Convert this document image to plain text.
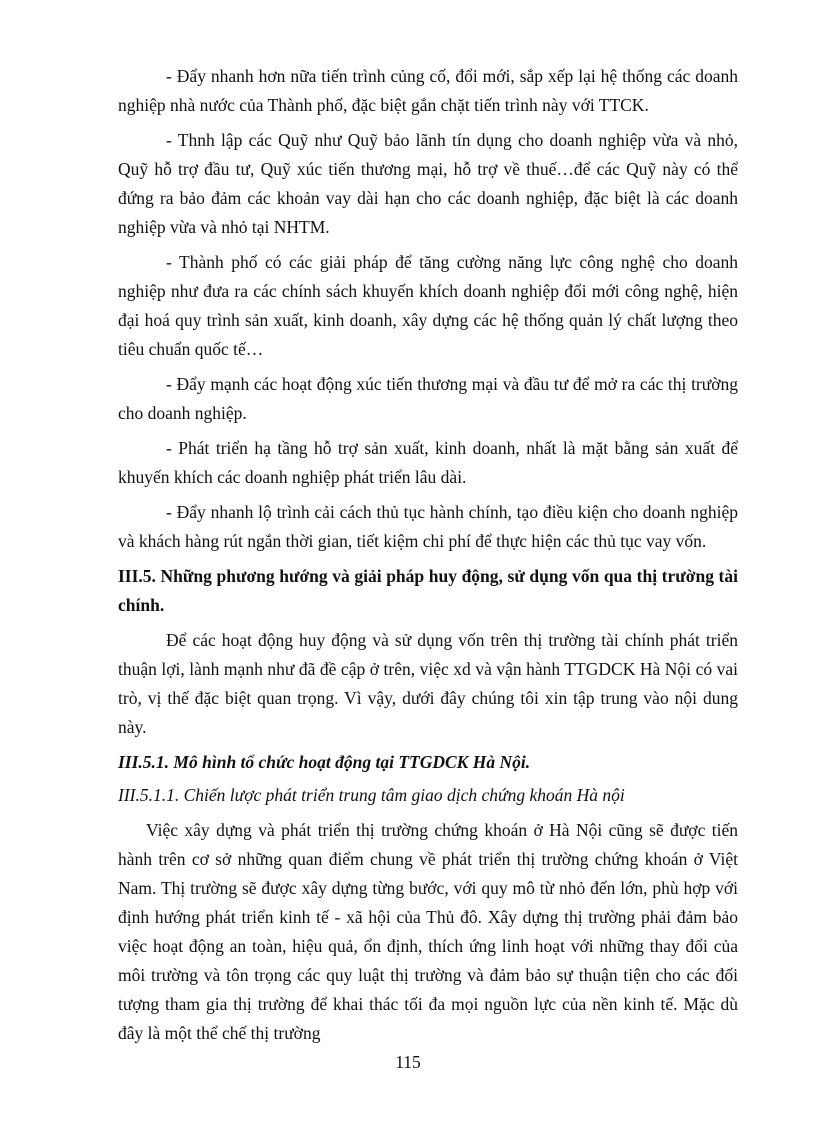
- Đẩy nhanh hơn nữa tiến trình củng cố, đổi mới, sắp xếp lại hệ thống các doanh nghiệp nhà nước của Thành phố, đặc biệt gắn chặt tiến trình này với TTCK.

- Thnh lập các Quỹ như Quỹ bảo lãnh tín dụng cho doanh nghiệp vừa và nhỏ, Quỹ hỗ trợ đầu tư, Quỹ xúc tiến thương mại, hỗ trợ về thuế…để các Quỹ này có thể đứng ra bảo đảm các khoản vay dài hạn cho các doanh nghiệp, đặc biệt là các doanh nghiệp vừa và nhỏ tại NHTM.

- Thành phố có các giải pháp để tăng cường năng lực công nghệ cho doanh nghiệp như đưa ra các chính sách khuyến khích doanh nghiệp đổi mới công nghệ, hiện đại hoá quy trình sản xuất, kinh doanh, xây dựng các hệ thống quản lý chất lượng theo tiêu chuẩn quốc tế…

- Đẩy mạnh các hoạt động xúc tiến thương mại và đầu tư để mở ra các thị trường cho doanh nghiệp.

- Phát triển hạ tầng hỗ trợ sản xuất, kinh doanh, nhất là mặt bằng sản xuất để khuyến khích các doanh nghiệp phát triển lâu dài.

- Đẩy nhanh lộ trình cải cách thủ tục hành chính, tạo điều kiện cho doanh nghiệp và khách hàng rút ngắn thời gian, tiết kiệm chi phí để thực hiện các thủ tục vay vốn.

III.5. Những phương hướng và giải pháp huy động, sử dụng vốn qua thị trường tài chính.

Để các hoạt động huy động và sử dụng vốn trên thị trường tài chính phát triển thuận lợi, lành mạnh như đã đề cập ở trên, việc xd và vận hành TTGDCK Hà Nội có vai trò, vị thế đặc biệt quan trọng. Vì vậy, dưới đây chúng tôi xin tập trung vào nội dung này.

III.5.1. Mô hình tổ chức hoạt động tại TTGDCK Hà Nội.
III.5.1.1. Chiến lược phát triển trung tâm giao dịch chứng khoán Hà nội

Việc xây dựng và phát triển thị trường chứng khoán ở Hà Nội cũng sẽ được tiến hành trên cơ sở những quan điểm chung về phát triển thị trường chứng khoán ở Việt Nam. Thị trường sẽ được xây dựng từng bước, với quy mô từ nhỏ đến lớn, phù hợp với định hướng phát triển kinh tế - xã hội của Thủ đô. Xây dựng thị trường phải đảm bảo việc hoạt động an toàn, hiệu quả, ổn định, thích ứng linh hoạt với những thay đổi của môi trường và tôn trọng các quy luật thị trường và đảm bảo sự thuận tiện cho các đối tượng tham gia thị trường để khai thác tối đa mọi nguồn lực của nền kinh tế. Mặc dù đây là một thể chế thị trường

115
